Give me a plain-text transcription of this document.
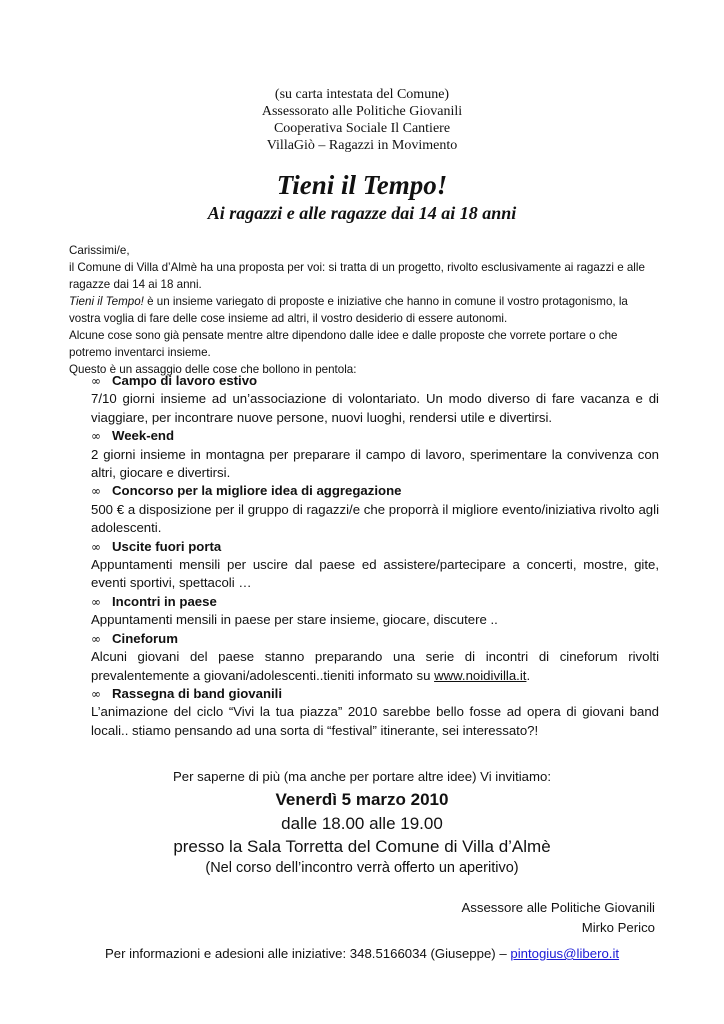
(su carta intestata del Comune)
Assessorato alle Politiche Giovanili
Cooperativa Sociale Il Cantiere
VillaGiò – Ragazzi in Movimento
Tieni il Tempo!
Ai ragazzi e alle ragazze dai 14 ai 18 anni

Carissimi/e,

il Comune di Villa d’Almè ha una proposta per voi: si tratta di un progetto, rivolto esclusivamente ai ragazzi e alle ragazze dai 14 ai 18 anni.

Tieni il Tempo! è un insieme variegato di proposte e iniziative che hanno in comune il vostro protagonismo, la vostra voglia di fare delle cose insieme ad altri, il vostro desiderio di essere autonomi.

Alcune cose sono già pensate mentre altre dipendono dalle idee e dalle proposte che vorrete portare o che potremo inventarci insieme.

Questo è un assaggio delle cose che bollono in pentola:

∞ Campo di lavoro estivo
7/10 giorni insieme ad un’associazione di volontariato. Un modo diverso di fare vacanza e di viaggiare, per incontrare nuove persone, nuovi luoghi, rendersi utile e divertirsi.
∞ Week-end
2 giorni insieme in montagna per preparare il campo di lavoro, sperimentare la convivenza con altri, giocare e divertirsi.
∞ Concorso per la migliore idea di aggregazione
500 € a disposizione per il gruppo di ragazzi/e che proporrà il migliore evento/iniziativa rivolto agli adolescenti.
∞ Uscite fuori porta
Appuntamenti mensili per uscire dal paese ed assistere/partecipare a concerti, mostre, gite, eventi sportivi, spettacoli …
∞ Incontri in paese
Appuntamenti mensili in paese per stare insieme, giocare, discutere ..
∞ Cineforum
Alcuni giovani del paese stanno preparando una serie di incontri di cineforum rivolti prevalentemente a giovani/adolescenti..tieniti informato su www.noidivilla.it.
∞ Rassegna di band giovanili
L’animazione del ciclo “Vivi la tua piazza” 2010 sarebbe bello fosse ad opera di giovani band locali.. stiamo pensando ad una sorta di “festival” itinerante, sei interessato?!
Per saperne di più (ma anche per portare altre idee) Vi invitiamo:
Venerdì 5 marzo 2010
dalle 18.00 alle 19.00
presso la Sala Torretta del Comune di Villa d’Almè
(Nel corso dell’incontro verrà offerto un aperitivo)
Assessore alle Politiche Giovanili
Mirko Perico
Per informazioni e adesioni alle iniziative: 348.5166034 (Giuseppe) – pintogius@libero.it
